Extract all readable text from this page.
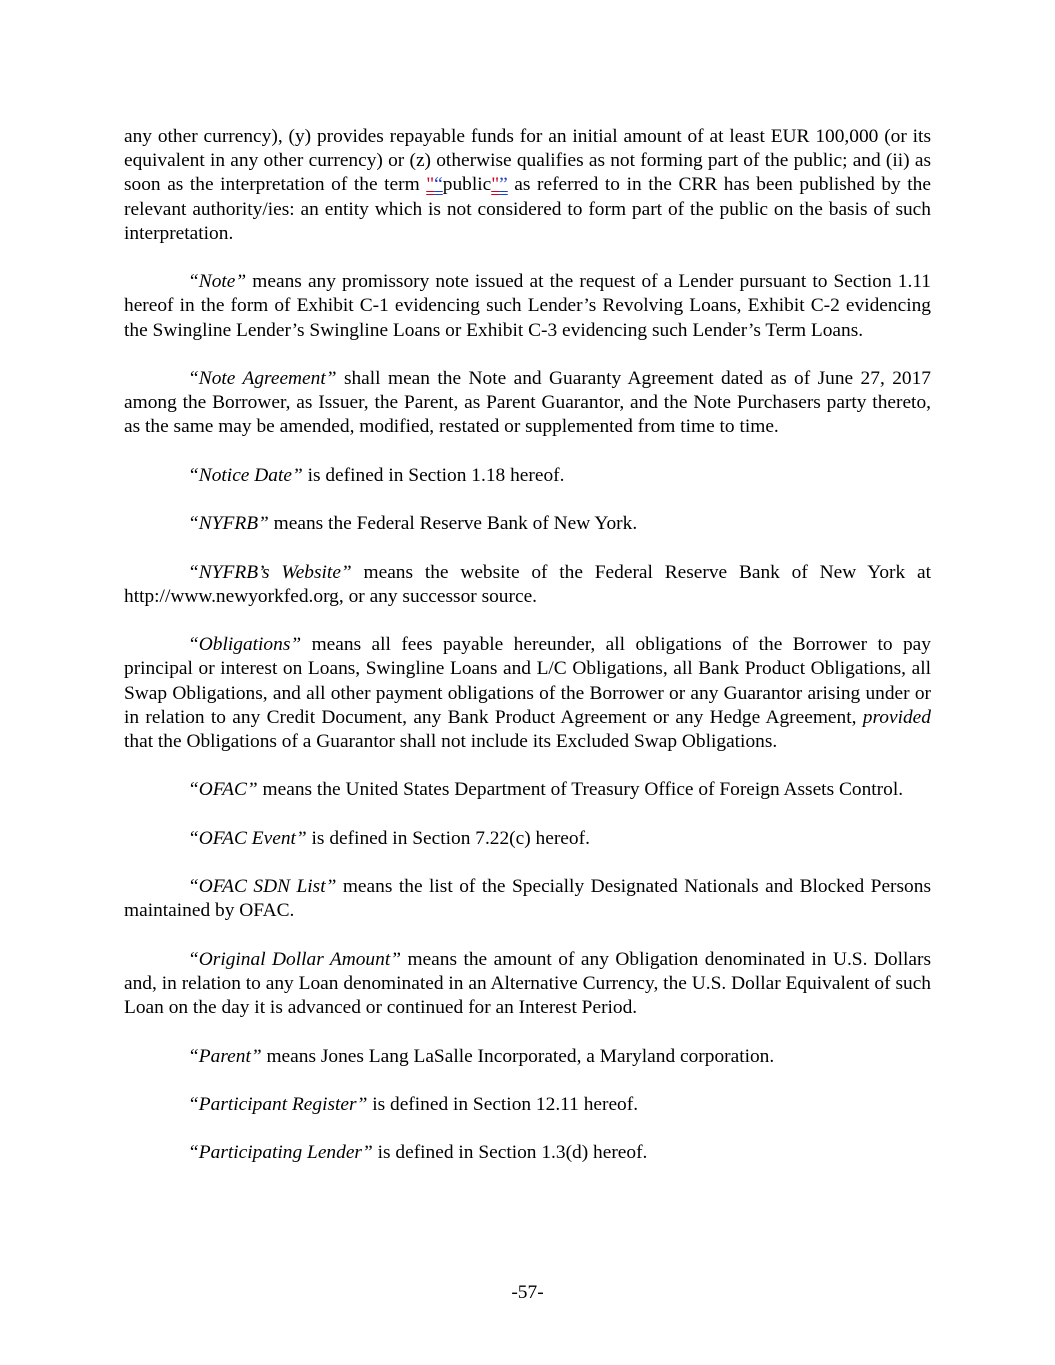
any other currency), (y) provides repayable funds for an initial amount of at least EUR 100,000 (or its equivalent in any other currency) or (z) otherwise qualifies as not forming part of the public; and (ii) as soon as the interpretation of the term "“public"” as referred to in the CRR has been published by the relevant authority/ies: an entity which is not considered to form part of the public on the basis of such interpretation.

“Note” means any promissory note issued at the request of a Lender pursuant to Section 1.11 hereof in the form of Exhibit C-1 evidencing such Lender’s Revolving Loans, Exhibit C-2 evidencing the Swingline Lender’s Swingline Loans or Exhibit C-3 evidencing such Lender’s Term Loans.

“Note Agreement” shall mean the Note and Guaranty Agreement dated as of June 27, 2017 among the Borrower, as Issuer, the Parent, as Parent Guarantor, and the Note Purchasers party thereto, as the same may be amended, modified, restated or supplemented from time to time.

“Notice Date” is defined in Section 1.18 hereof.

“NYFRB” means the Federal Reserve Bank of New York.

“NYFRB’s Website” means the website of the Federal Reserve Bank of New York at http://www.newyorkfed.org, or any successor source.

“Obligations” means all fees payable hereunder, all obligations of the Borrower to pay principal or interest on Loans, Swingline Loans and L/C Obligations, all Bank Product Obligations, all Swap Obligations, and all other payment obligations of the Borrower or any Guarantor arising under or in relation to any Credit Document, any Bank Product Agreement or any Hedge Agreement, provided that the Obligations of a Guarantor shall not include its Excluded Swap Obligations.

“OFAC” means the United States Department of Treasury Office of Foreign Assets Control.

“OFAC Event” is defined in Section 7.22(c) hereof.

“OFAC SDN List” means the list of the Specially Designated Nationals and Blocked Persons maintained by OFAC.

“Original Dollar Amount” means the amount of any Obligation denominated in U.S. Dollars and, in relation to any Loan denominated in an Alternative Currency, the U.S. Dollar Equivalent of such Loan on the day it is advanced or continued for an Interest Period.

“Parent” means Jones Lang LaSalle Incorporated, a Maryland corporation.

“Participant Register” is defined in Section 12.11 hereof.

“Participating Lender” is defined in Section 1.3(d) hereof.

-57-
